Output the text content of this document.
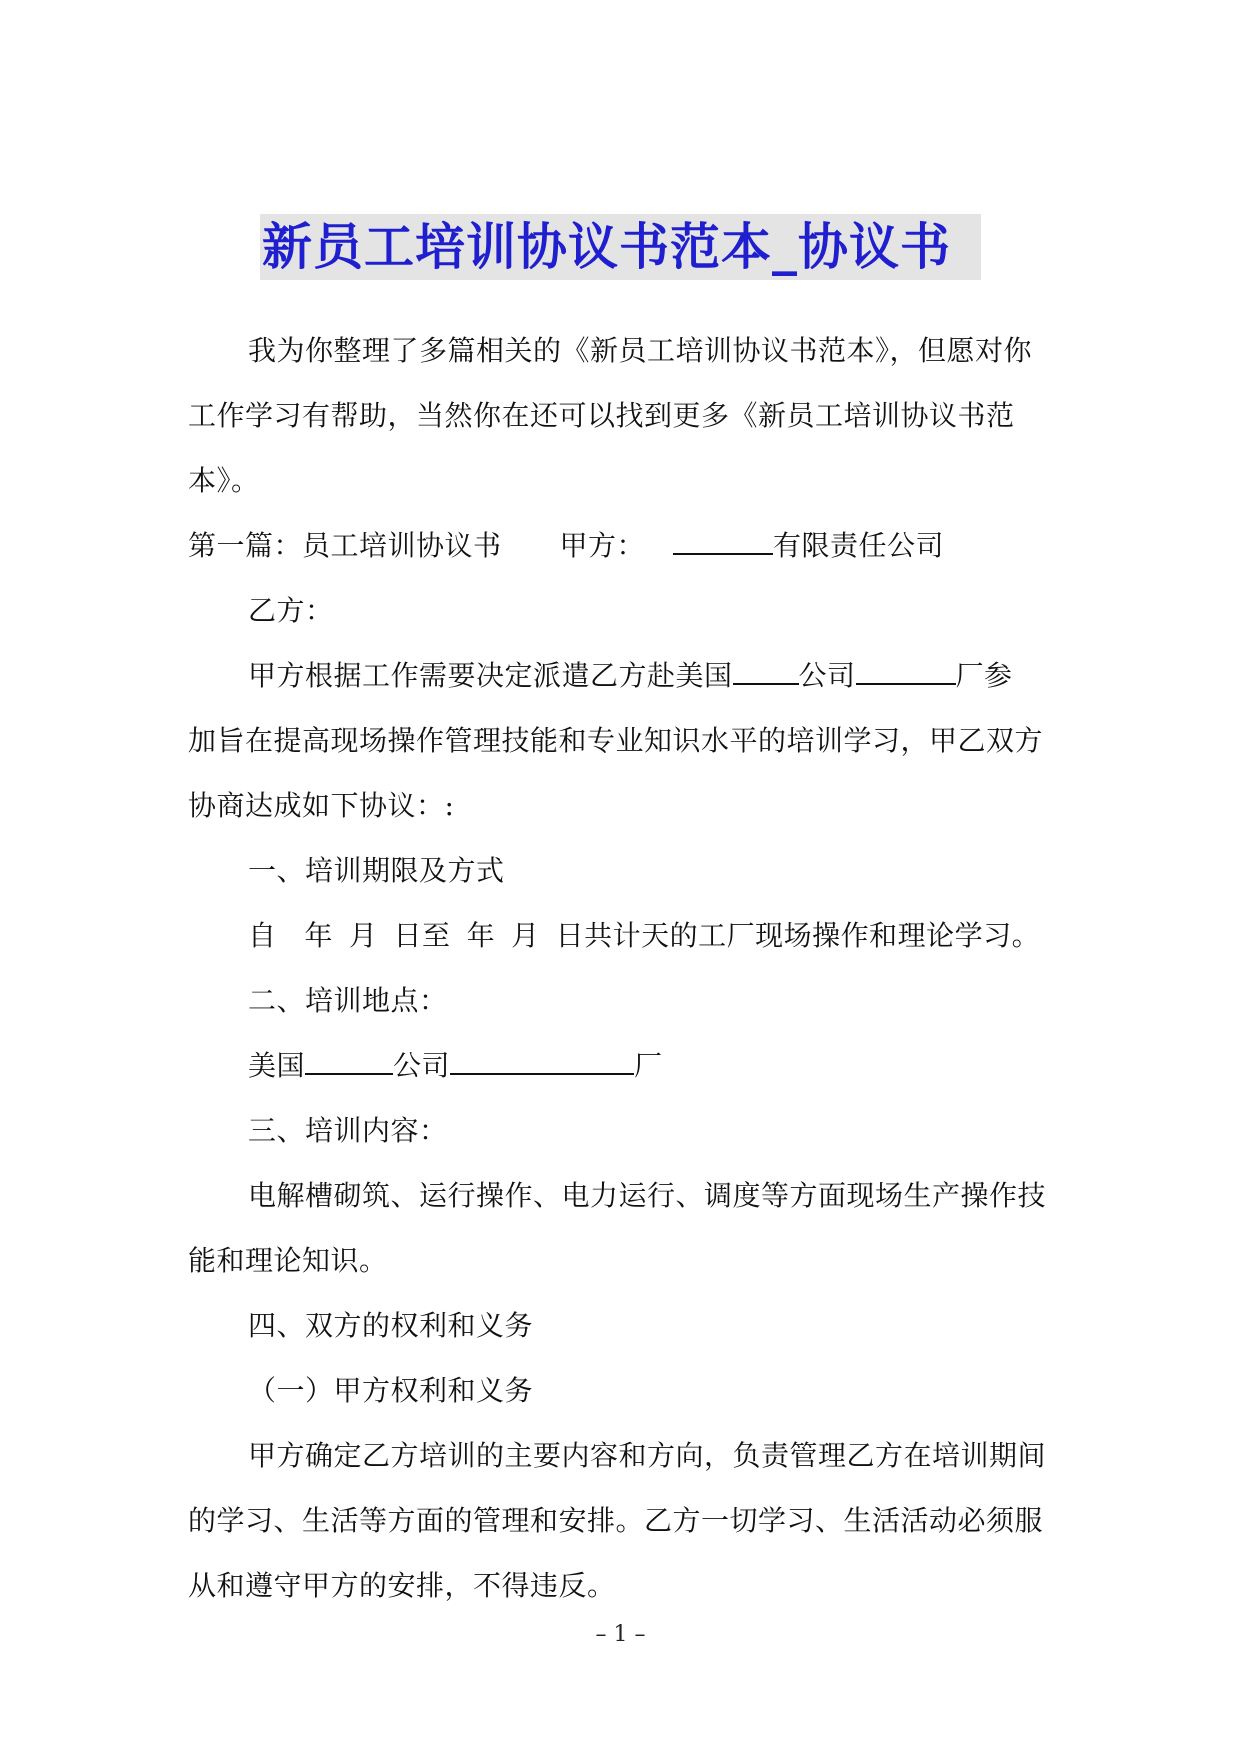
新员工培训协议书范本_协议书
我为你整理了多篇相关的《新员工培训协议书范本》，但愿对你
工作学习有帮助，当然你在还可以找到更多《新员工培训协议书范
本》。
第一篇：员工培训协议书 甲方：	有限责任公司
乙方：
甲方根据工作需要决定派遣乙方赴美国 公司	厂参
加旨在提高现场操作管理技能和专业知识水平的培训学习，甲乙双方
协商达成如下协议：:
一、培训期限及方式
自 年 月 日至 年 月 日共计天的工厂现场操作和理论学习。
二、培训地点：
美国	公司	厂
三、培训内容：
电解槽砌筑、运行操作、电力运行、调度等方面现场生产操作技
能和理论知识。
四、双方的权利和义务
（一）甲方权利和义务
甲方确定乙方培训的主要内容和方向，负责管理乙方在培训期间
的学习、生活等方面的管理和安排。乙方一切学习、生活活动必须服
从和遵守甲方的安排，不得违反。
– 1 –
